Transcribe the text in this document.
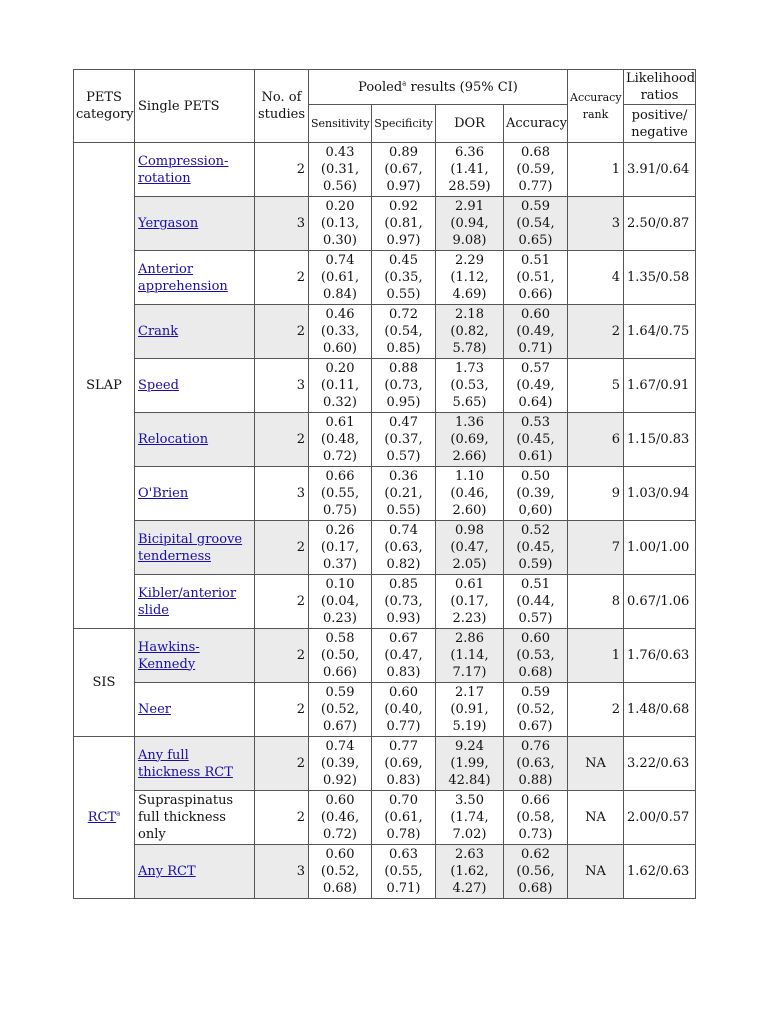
PETS category	Single PETS	No. of studies	Pooled$^a$ results (95% CI)				Accuracy rank	Likelihood ratios
			Sensitivity	Specificity	DOR	Accuracy		positive/ negative
SLAP	Compression-rotation	2	0.43 (0.31, 0.56)	0.89 (0.67, 0.97)	6.36 (1.41, 28.59)	0.68 (0.59, 0.77)	1	3.91/0.64
	Yergason	3	0.20 (0.13, 0.30)	0.92 (0.81, 0.97)	2.91 (0.94, 9.08)	0.59 (0.54, 0.65)	3	2.50/0.87
	Anterior apprehension	2	0.74 (0.61, 0.84)	0.45 (0.35, 0.55)	2.29 (1.12, 4.69)	0.51 (0.51, 0.66)	4	1.35/0.58
	Crank	2	0.46 (0.33, 0.60)	0.72 (0.54, 0.85)	2.18 (0.82, 5.78)	0.60 (0.49, 0.71)	2	1.64/0.75
	Speed	3	0.20 (0.11, 0.32)	0.88 (0.73, 0.95)	1.73 (0.53, 5.65)	0.57 (0.49, 0.64)	5	1.67/0.91
	Relocation	2	0.61 (0.48, 0.72)	0.47 (0.37, 0.57)	1.36 (0.69, 2.66)	0.53 (0.45, 0.61)	6	1.15/0.83
	O'Brien	3	0.66 (0.55, 0.75)	0.36 (0.21, 0.55)	1.10 (0.46, 2.60)	0.50 (0.39, 0,60)	9	1.03/0.94
	Bicipital groove tenderness	2	0.26 (0.17, 0.37)	0.74 (0.63, 0.82)	0.98 (0.47, 2.05)	0.52 (0.45, 0.59)	7	1.00/1.00
	Kibler/anterior slide	2	0.10 (0.04, 0.23)	0.85 (0.73, 0.93)	0.61 (0.17, 2.23)	0.51 (0.44, 0.57)	8	0.67/1.06
SIS	Hawkins-Kennedy	2	0.58 (0.50, 0.66)	0.67 (0.47, 0.83)	2.86 (1.14, 7.17)	0.60 (0.53, 0.68)	1	1.76/0.63
	Neer	2	0.59 (0.52, 0.67)	0.60 (0.40, 0.77)	2.17 (0.91, 5.19)	0.59 (0.52, 0.67)	2	1.48/0.68
RCT$^a$	Any full thickness RCT	2	0.74 (0.39, 0.92)	0.77 (0.69, 0.83)	9.24 (1.99, 42.84)	0.76 (0.63, 0.88)	NA	3.22/0.63
	Supraspinatus full thickness only	2	0.60 (0.46, 0.72)	0.70 (0.61, 0.78)	3.50 (1.74, 7.02)	0.66 (0.58, 0.73)	NA	2.00/0.57
	Any RCT	3	0.60 (0.52, 0.68)	0.63 (0.55, 0.71)	2.63 (1.62, 4.27)	0.62 (0.56, 0.68)	NA	1.62/0.63
